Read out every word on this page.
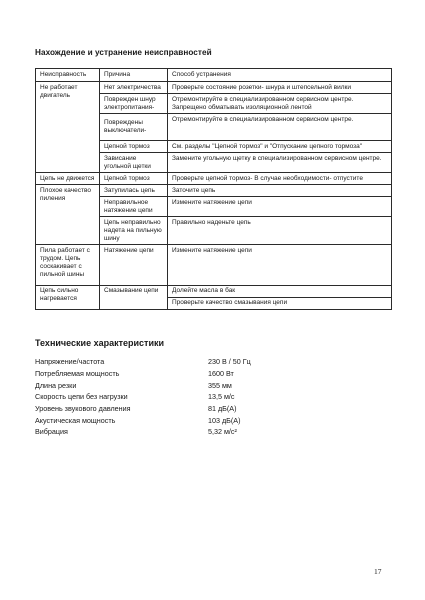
Нахождение и устранение неисправностей
Неисправность	Причина	Способ устранения
Не работает двигатель	Нет электричества	Проверьте состояние розетки- шнура и штепсельной вилки
	Поврежден шнур электропитания-	Отремонтируйте в специализированном сервисном центре. Запрещено обматывать изоляционной лентой
	Повреждены выключатели-	Отремонтируйте в специализированном сервисном центре.
	Цепной тормоз	См. разделы "Цепной тормоз" и "Отпускание цепного тормоза"
	Зависание угольной щетки	Замените угольную щетку в специализированном сервисном центре.
Цепь не движется	Цепной тормоз	Проверьте цепной тормоз- В случае необходимости- отпустите
Плохое качество пиления	Затупилась цепь	Заточите цепь
	Неправильное натяжение цепи	Измените натяжение цепи
	Цепь неправильно надета на пильную шину	Правильно наденьте цепь
Пила работает с трудом. Цепь соскакивает с пильной шины	Натяжение цепи	Измените натяжение цепи
Цепь сильно нагревается	Смазывание цепи	Долейте масла в бак
		Проверьте качество смазывания цепи
Технические характеристики
Напряжение/частота	230 В / 50 Гц
Потребляемая мощность	1600 Вт
Длина резки	355 мм
Скорость цепи без нагрузки	13,5 м/с
Уровень звукового давления	81 дБ(А)
Акустическая мощность	103 дБ(А)
Вибрация	5,32 м/с²
17
